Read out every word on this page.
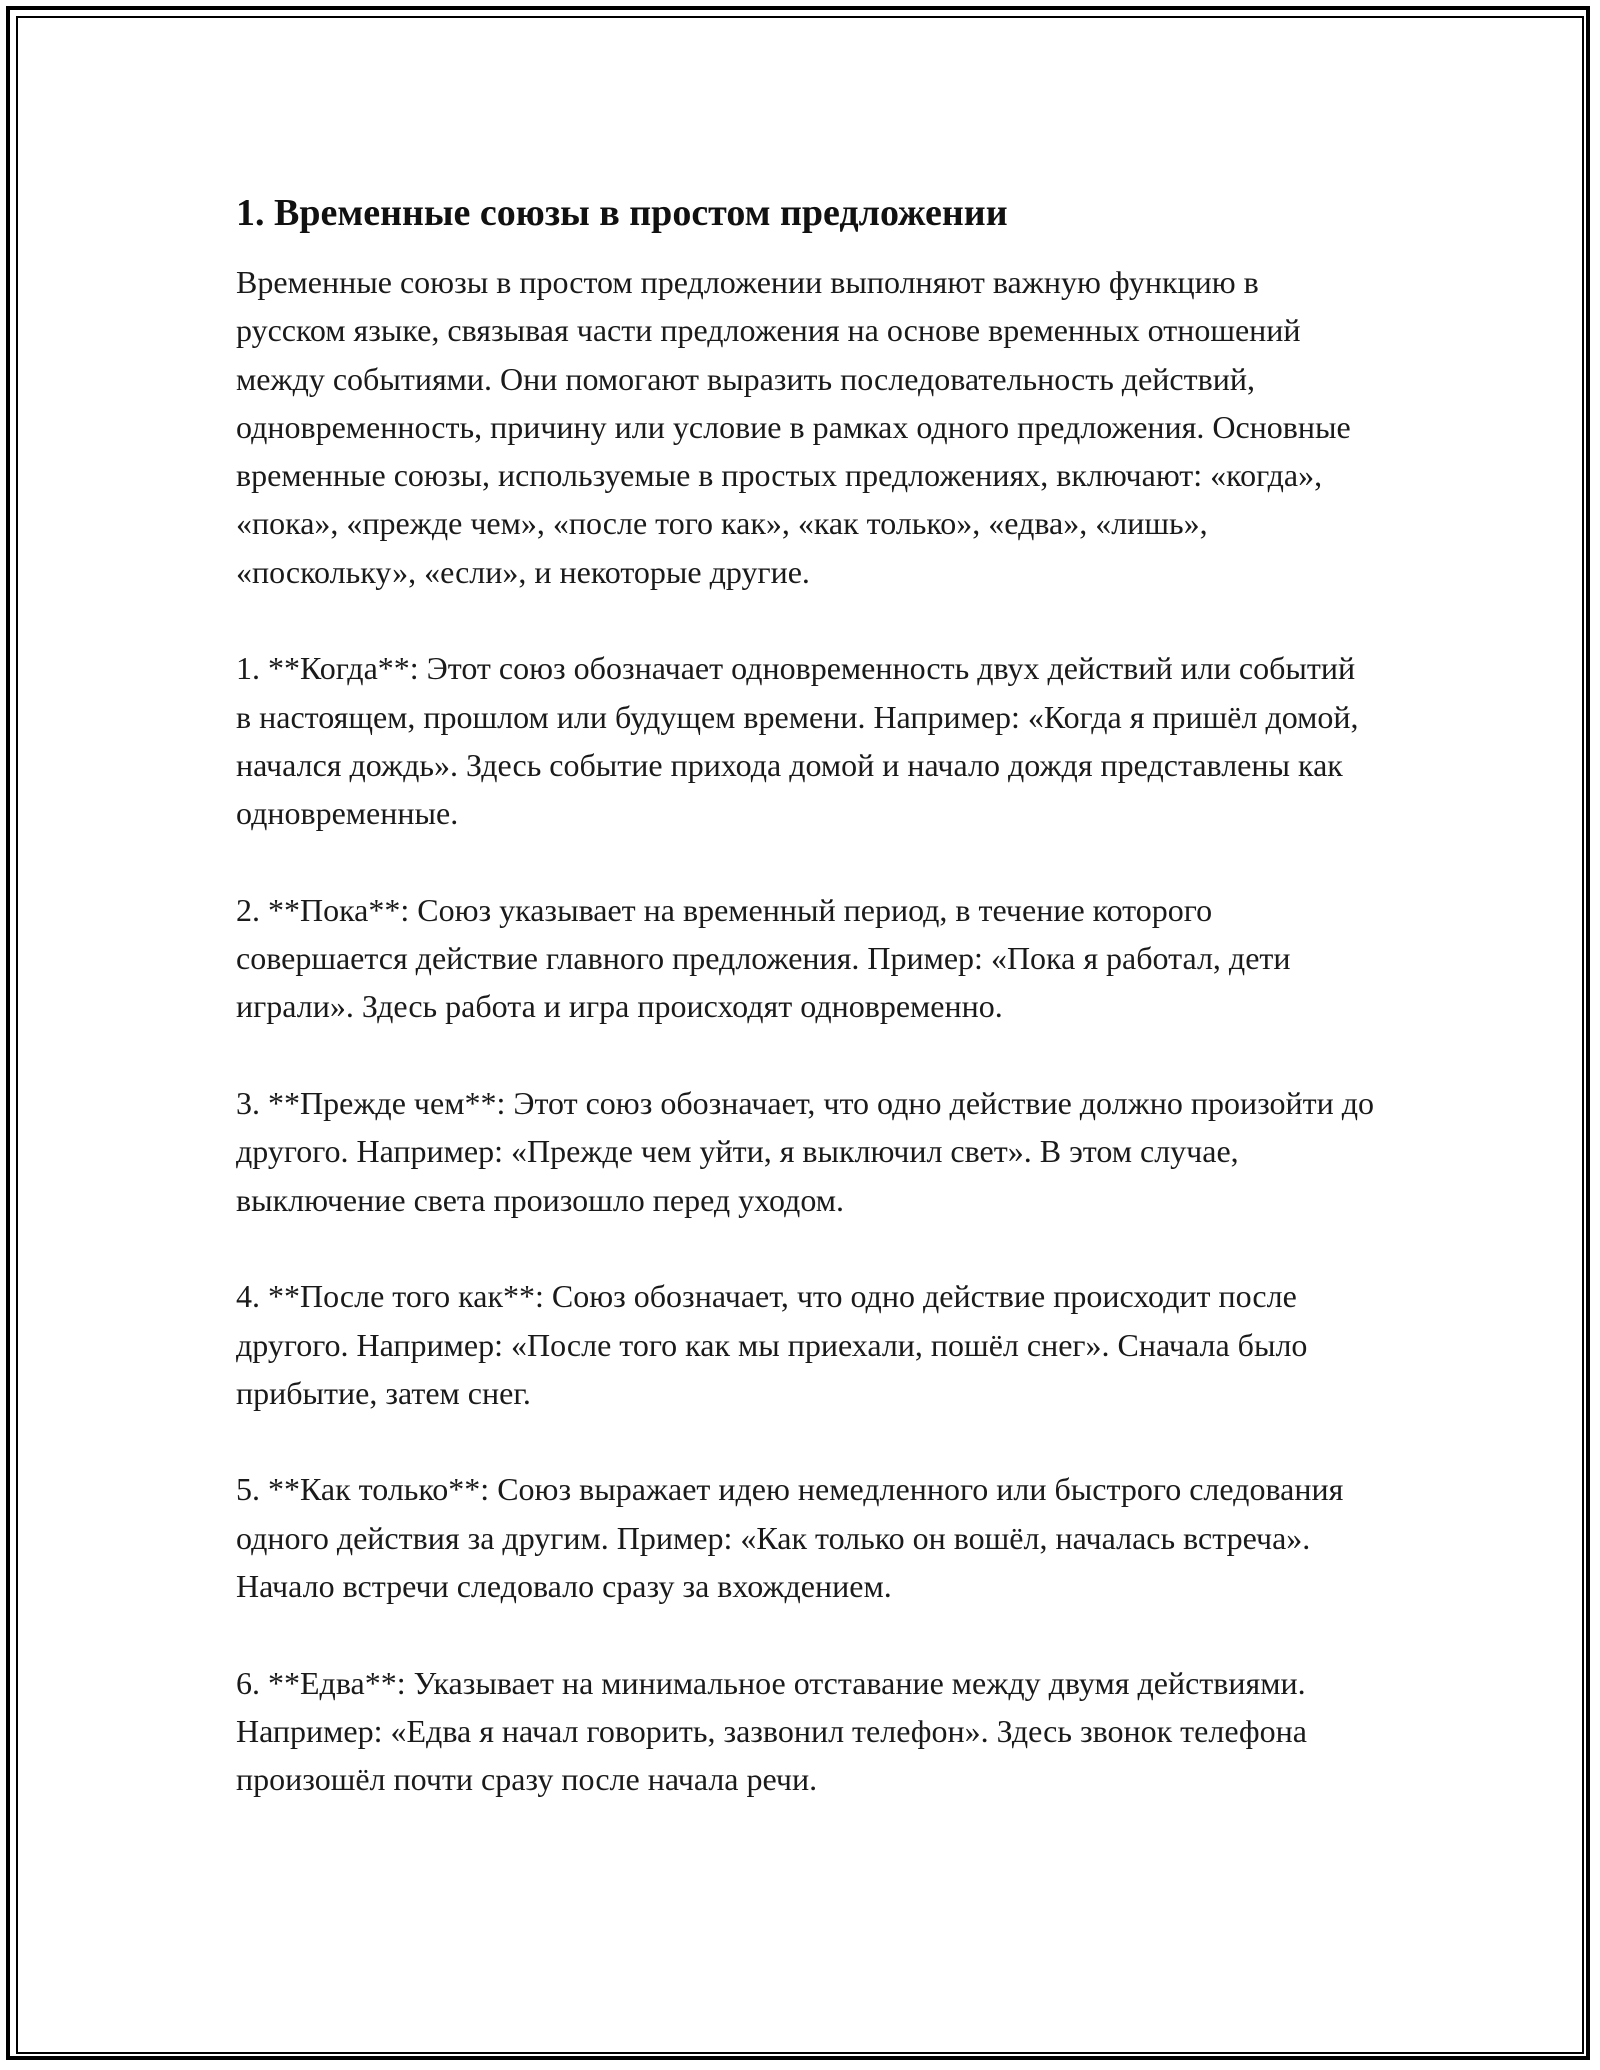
1. Временные союзы в простом предложении

Временные союзы в простом предложении выполняют важную функцию в русском языке, связывая части предложения на основе временных отношений между событиями. Они помогают выразить последовательность действий, одновременность, причину или условие в рамках одного предложения. Основные временные союзы, используемые в простых предложениях, включают: «когда», «пока», «прежде чем», «после того как», «как только», «едва», «лишь», «поскольку», «если», и некоторые другие.

1. **Когда**: Этот союз обозначает одновременность двух действий или событий в настоящем, прошлом или будущем времени. Например: «Когда я пришёл домой, начался дождь». Здесь событие прихода домой и начало дождя представлены как одновременные.

2. **Пока**: Союз указывает на временный период, в течение которого совершается действие главного предложения. Пример: «Пока я работал, дети играли». Здесь работа и игра происходят одновременно.

3. **Прежде чем**: Этот союз обозначает, что одно действие должно произойти до другого. Например: «Прежде чем уйти, я выключил свет». В этом случае, выключение света произошло перед уходом.

4. **После того как**: Союз обозначает, что одно действие происходит после другого. Например: «После того как мы приехали, пошёл снег». Сначала было прибытие, затем снег.

5. **Как только**: Союз выражает идею немедленного или быстрого следования одного действия за другим. Пример: «Как только он вошёл, началась встреча». Начало встречи следовало сразу за вхождением.

6. **Едва**: Указывает на минимальное отставание между двумя действиями. Например: «Едва я начал говорить, зазвонил телефон». Здесь звонок телефона произошёл почти сразу после начала речи.
